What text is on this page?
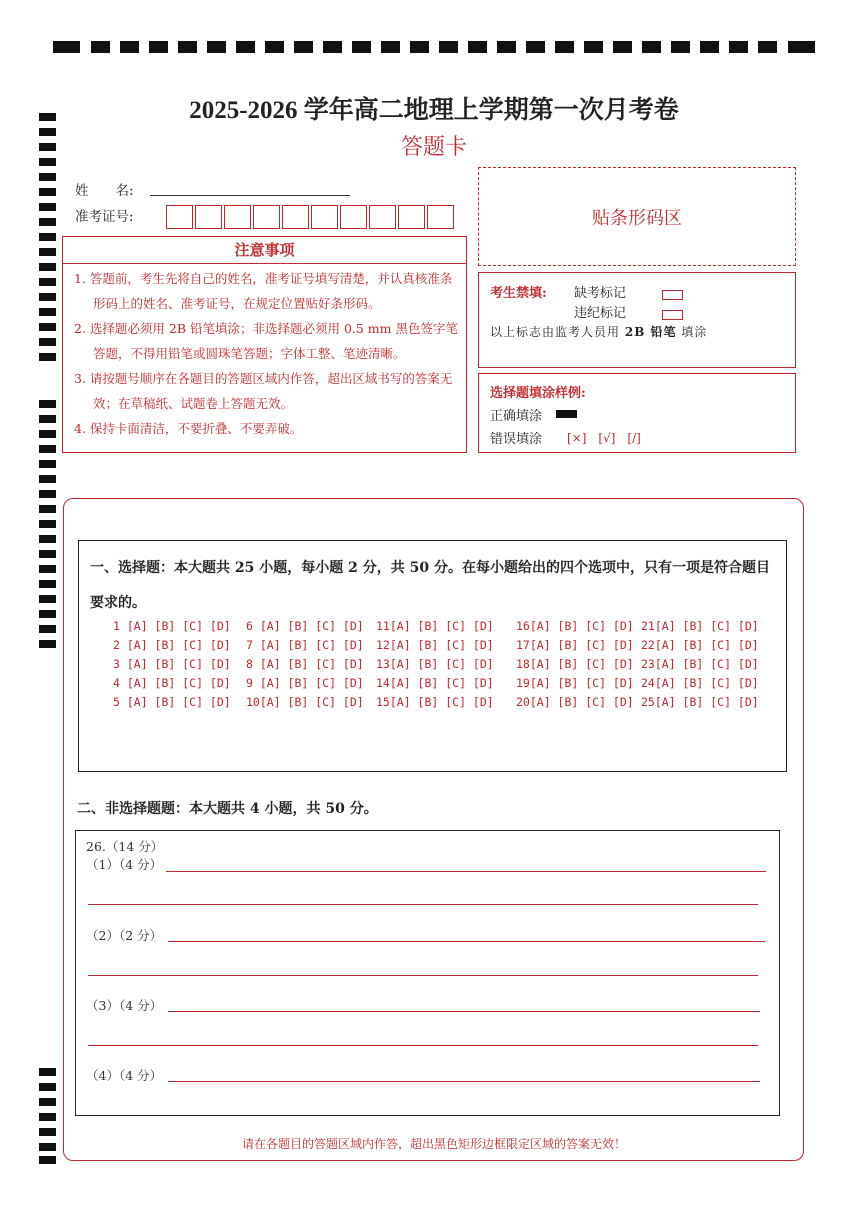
2025-2026 学年高二地理上学期第一次月考卷
答题卡
姓　　名:
准考证号:	贴条形码区
注意事项
1. 答题前，考生先将自己的姓名，准考证号填写清楚，并认真核准条形码上的姓名、准考证号，在规定位置贴好条形码。
2. 选择题必须用 2B 铅笔填涂；非选择题必须用 0.5 mm 黑色签字笔答题，不得用铅笔或圆珠笔答题；字体工整、笔迹清晰。
3. 请按题号顺序在各题目的答题区域内作答，超出区域书写的答案无效；在草稿纸、试题卷上答题无效。
4. 保持卡面清洁，不要折叠、不要弄破。
考生禁填: 缺考标记
违纪标记
以上标志由监考人员用 2B 铅笔 填涂
选择题填涂样例:
正确填涂
错误填涂 [×]　[√]　[/]
一、选择题：本大题共 25 小题，每小题 2 分，共 50 分。在每小题给出的四个选项中，只有一项是符合题目要求的。
1 [A] [B] [C] [D]
2 [A] [B] [C] [D]
3 [A] [B] [C] [D]
4 [A] [B] [C] [D]
5 [A] [B] [C] [D]
6 [A] [B] [C] [D]
7 [A] [B] [C] [D]
8 [A] [B] [C] [D]
9 [A] [B] [C] [D]
10[A] [B] [C] [D]
11[A] [B] [C] [D]
12[A] [B] [C] [D]
13[A] [B] [C] [D]
14[A] [B] [C] [D]
15[A] [B] [C] [D]
16[A] [B] [C] [D]
17[A] [B] [C] [D]
18[A] [B] [C] [D]
19[A] [B] [C] [D]
20[A] [B] [C] [D]
21[A] [B] [C] [D]
22[A] [B] [C] [D]
23[A] [B] [C] [D]
24[A] [B] [C] [D]
25[A] [B] [C] [D]
二、非选择题题：本大题共 4 小题，共 50 分。
26.（14 分）
（1）（4 分）
（2）（2 分）
（3）（4 分）
（4）（4 分）
请在各题目的答题区域内作答，超出黑色矩形边框限定区域的答案无效！
